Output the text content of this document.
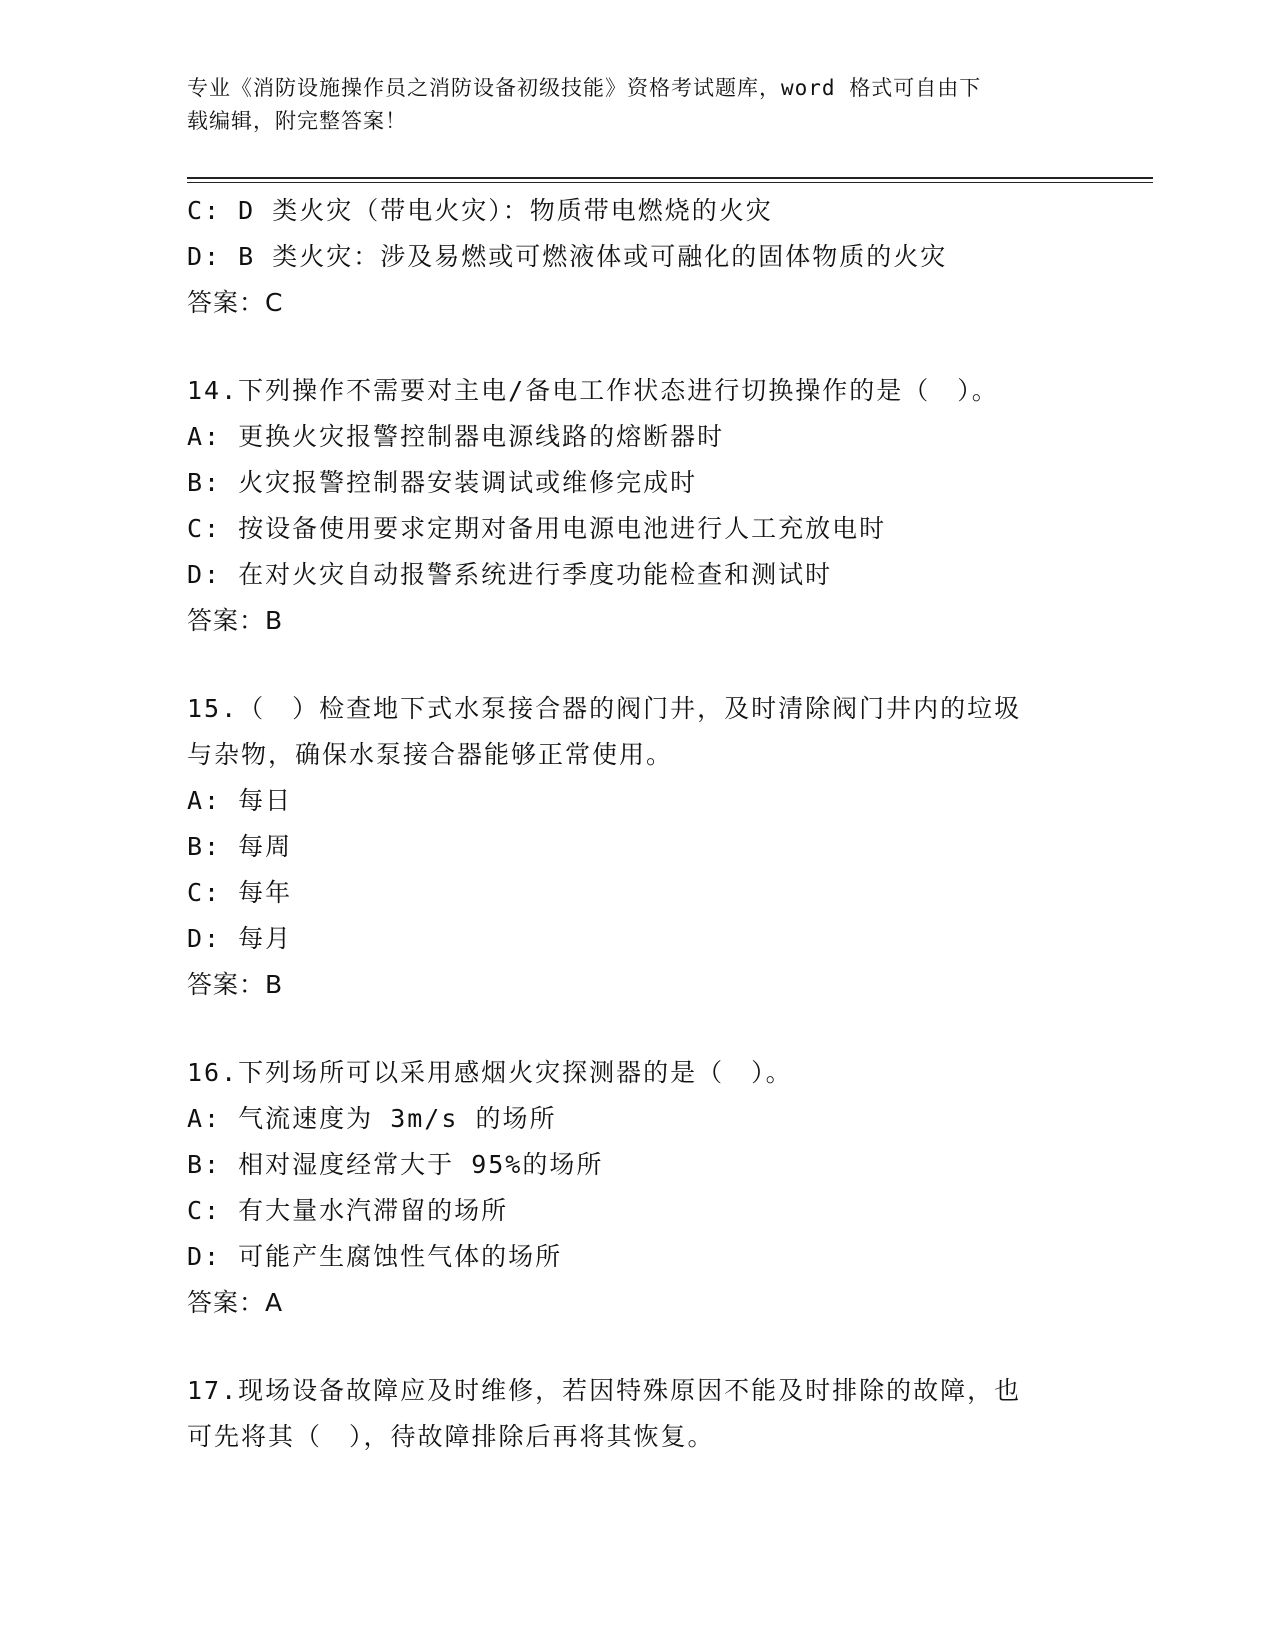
专业《消防设施操作员之消防设备初级技能》资格考试题库，word 格式可自由下
载编辑，附完整答案！
C: D 类火灾（带电火灾）：物质带电燃烧的火灾
D: B 类火灾：涉及易燃或可燃液体或可融化的固体物质的火灾
答案：C
14.下列操作不需要对主电/备电工作状态进行切换操作的是（　）。
A: 更换火灾报警控制器电源线路的熔断器时
B: 火灾报警控制器安装调试或维修完成时
C: 按设备使用要求定期对备用电源电池进行人工充放电时
D: 在对火灾自动报警系统进行季度功能检查和测试时
答案：B
15.（　）检查地下式水泵接合器的阀门井，及时清除阀门井内的垃圾
与杂物，确保水泵接合器能够正常使用。
A: 每日
B: 每周
C: 每年
D: 每月
答案：B
16.下列场所可以采用感烟火灾探测器的是（　）。
A: 气流速度为 3m/s 的场所
B: 相对湿度经常大于 95%的场所
C: 有大量水汽滞留的场所
D: 可能产生腐蚀性气体的场所
答案：A
17.现场设备故障应及时维修，若因特殊原因不能及时排除的故障，也
可先将其（　），待故障排除后再将其恢复。
